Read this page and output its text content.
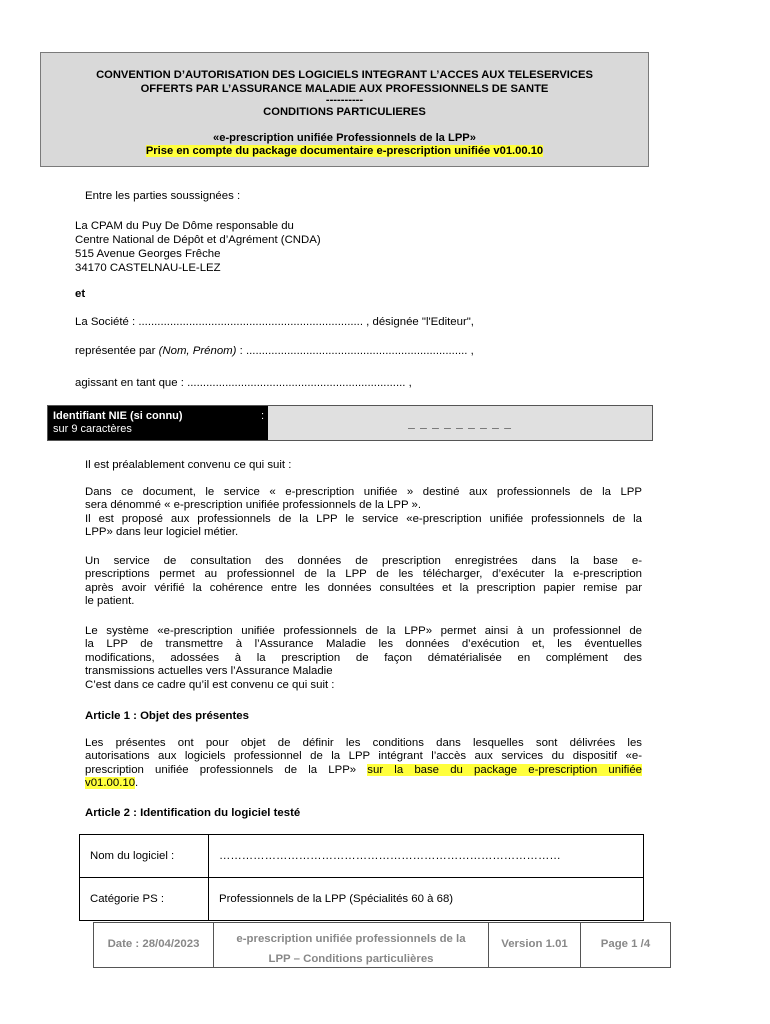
CONVENTION D’AUTORISATION DES LOGICIELS INTEGRANT L’ACCES AUX TELESERVICES
OFFERTS PAR L’ASSURANCE MALADIE AUX PROFESSIONNELS DE SANTE
----------
CONDITIONS PARTICULIERES
«e-prescription unifiée Professionnels de la LPP»
Prise en compte du package documentaire e-prescription unifiée v01.00.10
Entre les parties soussignées :
La CPAM du Puy De Dôme responsable du
Centre National de Dépôt et d’Agrément (CNDA)
515 Avenue Georges Frêche
34170 CASTELNAU-LE-LEZ
et
La Société : ....................................................................... , désignée "l'Editeur",
représentée par (Nom, Prénom) : ...................................................................... ,
agissant en tant que : ..................................................................... ,
Identifiant NIE (si connu)	:
sur 9 caractères	_ _ _ _ _ _ _ _ _
Il est préalablement convenu ce qui suit :
Dans ce document, le service « e-prescription unifiée » destiné aux professionnels de la LPP
sera dénommé « e-prescription unifiée professionnels de la LPP ».
Il est proposé aux professionnels de la LPP le service «e-prescription unifiée professionnels de la
LPP» dans leur logiciel métier.
Un service de consultation des données de prescription enregistrées dans la base e-
prescriptions permet au professionnel de la LPP de les télécharger, d’exécuter la e-prescription
après avoir vérifié la cohérence entre les données consultées et la prescription papier remise par
le patient.
Le système «e-prescription unifiée professionnels de la LPP» permet ainsi à un professionnel de
la LPP de transmettre à l’Assurance Maladie les données d’exécution et, les éventuelles
modifications, adossées à la prescription de façon dématérialisée en complément des
transmissions actuelles vers l’Assurance Maladie
C’est dans ce cadre qu’il est convenu ce qui suit :
Article 1 : Objet des présentes
Les présentes ont pour objet de définir les conditions dans lesquelles sont délivrées les
autorisations aux logiciels professionnel de la LPP intégrant l’accès aux services du dispositif «e-
prescription unifiée professionnels de la LPP» sur la base du package e-prescription unifiée
v01.00.10.
Article 2 : Identification du logiciel testé
Nom du logiciel :	………………………………………………………………………………
Catégorie PS :	Professionnels de la LPP (Spécialités 60 à 68)
Date : 28/04/2023	e-prescription unifiée professionnels de la
LPP – Conditions particulières
Version 1.01	Page 1 /4
